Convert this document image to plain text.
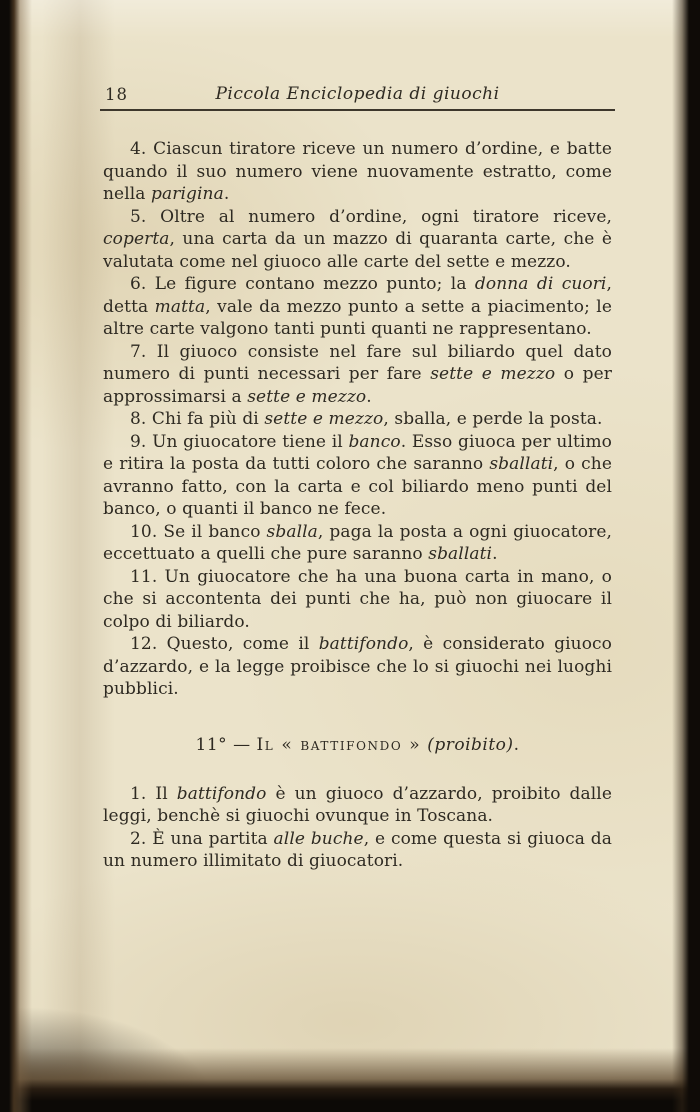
18	Piccola Enciclopedia di giuochi

4. Ciascun tiratore riceve un numero d’ordine, e batte quando il suo numero viene nuovamente estratto, come nella parigina.

5. Oltre al numero d’ordine, ogni tiratore riceve, coperta, una carta da un mazzo di quaranta carte, che è valutata come nel giuoco alle carte del sette e mezzo.

6. Le figure contano mezzo punto; la donna di cuori, detta matta, vale da mezzo punto a sette a piacimento; le altre carte valgono tanti punti quanti ne rappresentano.

7. Il giuoco consiste nel fare sul biliardo quel dato numero di punti necessari per fare sette e mezzo o per approssimarsi a sette e mezzo.

8. Chi fa più di sette e mezzo, sballa, e perde la posta.

9. Un giuocatore tiene il banco. Esso giuoca per ultimo e ritira la posta da tutti coloro che saranno sballati, o che avranno fatto, con la carta e col biliardo meno punti del banco, o quanti il banco ne fece.

10. Se il banco sballa, paga la posta a ogni giuocatore, eccettuato a quelli che pure saranno sballati.

11. Un giuocatore che ha una buona carta in mano, o che si accontenta dei punti che ha, può non giuocare il colpo di biliardo.

12. Questo, come il battifondo, è considerato giuoco d’azzardo, e la legge proibisce che lo si giuochi nei luoghi pubblici.

11° — Il « battifondo » (proibito).

1. Il battifondo è un giuoco d’azzardo, proibito dalle leggi, benchè si giuochi ovunque in Toscana.

2. È una partita alle buche, e come questa si giuoca da un numero illimitato di giuocatori.
